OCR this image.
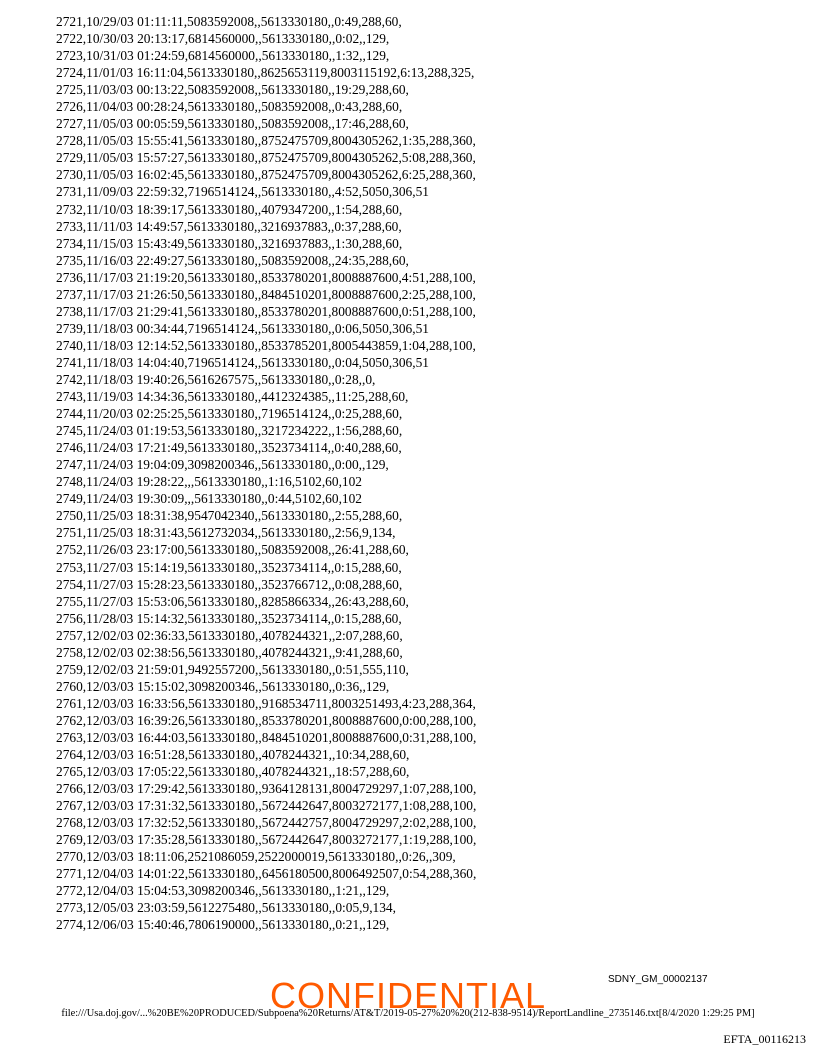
2721,10/29/03 01:11:11,5083592008,,5613330180,,0:49,288,60,
2722,10/30/03 20:13:17,6814560000,,5613330180,,0:02,,129,
2723,10/31/03 01:24:59,6814560000,,5613330180,,1:32,,129,
2724,11/01/03 16:11:04,5613330180,,8625653119,8003115192,6:13,288,325,
2725,11/03/03 00:13:22,5083592008,,5613330180,,19:29,288,60,
2726,11/04/03 00:28:24,5613330180,,5083592008,,0:43,288,60,
2727,11/05/03 00:05:59,5613330180,,5083592008,,17:46,288,60,
2728,11/05/03 15:55:41,5613330180,,8752475709,8004305262,1:35,288,360,
2729,11/05/03 15:57:27,5613330180,,8752475709,8004305262,5:08,288,360,
2730,11/05/03 16:02:45,5613330180,,8752475709,8004305262,6:25,288,360,
2731,11/09/03 22:59:32,7196514124,,5613330180,,4:52,5050,306,51
2732,11/10/03 18:39:17,5613330180,,4079347200,,1:54,288,60,
2733,11/11/03 14:49:57,5613330180,,3216937883,,0:37,288,60,
2734,11/15/03 15:43:49,5613330180,,3216937883,,1:30,288,60,
2735,11/16/03 22:49:27,5613330180,,5083592008,,24:35,288,60,
2736,11/17/03 21:19:20,5613330180,,8533780201,8008887600,4:51,288,100,
2737,11/17/03 21:26:50,5613330180,,8484510201,8008887600,2:25,288,100,
2738,11/17/03 21:29:41,5613330180,,8533780201,8008887600,0:51,288,100,
2739,11/18/03 00:34:44,7196514124,,5613330180,,0:06,5050,306,51
2740,11/18/03 12:14:52,5613330180,,8533785201,8005443859,1:04,288,100,
2741,11/18/03 14:04:40,7196514124,,5613330180,,0:04,5050,306,51
2742,11/18/03 19:40:26,5616267575,,5613330180,,0:28,,0,
2743,11/19/03 14:34:36,5613330180,,4412324385,,11:25,288,60,
2744,11/20/03 02:25:25,5613330180,,7196514124,,0:25,288,60,
2745,11/24/03 01:19:53,5613330180,,3217234222,,1:56,288,60,
2746,11/24/03 17:21:49,5613330180,,3523734114,,0:40,288,60,
2747,11/24/03 19:04:09,3098200346,,5613330180,,0:00,,129,
2748,11/24/03 19:28:22,,,5613330180,,1:16,5102,60,102
2749,11/24/03 19:30:09,,,5613330180,,0:44,5102,60,102
2750,11/25/03 18:31:38,9547042340,,5613330180,,2:55,288,60,
2751,11/25/03 18:31:43,5612732034,,5613330180,,2:56,9,134,
2752,11/26/03 23:17:00,5613330180,,5083592008,,26:41,288,60,
2753,11/27/03 15:14:19,5613330180,,3523734114,,0:15,288,60,
2754,11/27/03 15:28:23,5613330180,,3523766712,,0:08,288,60,
2755,11/27/03 15:53:06,5613330180,,8285866334,,26:43,288,60,
2756,11/28/03 15:14:32,5613330180,,3523734114,,0:15,288,60,
2757,12/02/03 02:36:33,5613330180,,4078244321,,2:07,288,60,
2758,12/02/03 02:38:56,5613330180,,4078244321,,9:41,288,60,
2759,12/02/03 21:59:01,9492557200,,5613330180,,0:51,555,110,
2760,12/03/03 15:15:02,3098200346,,5613330180,,0:36,,129,
2761,12/03/03 16:33:56,5613330180,,9168534711,8003251493,4:23,288,364,
2762,12/03/03 16:39:26,5613330180,,8533780201,8008887600,0:00,288,100,
2763,12/03/03 16:44:03,5613330180,,8484510201,8008887600,0:31,288,100,
2764,12/03/03 16:51:28,5613330180,,4078244321,,10:34,288,60,
2765,12/03/03 17:05:22,5613330180,,4078244321,,18:57,288,60,
2766,12/03/03 17:29:42,5613330180,,9364128131,8004729297,1:07,288,100,
2767,12/03/03 17:31:32,5613330180,,5672442647,8003272177,1:08,288,100,
2768,12/03/03 17:32:52,5613330180,,5672442757,8004729297,2:02,288,100,
2769,12/03/03 17:35:28,5613330180,,5672442647,8003272177,1:19,288,100,
2770,12/03/03 18:11:06,2521086059,2522000019,5613330180,,0:26,,309,
2771,12/04/03 14:01:22,5613330180,,6456180500,8006492507,0:54,288,360,
2772,12/04/03 15:04:53,3098200346,,5613330180,,1:21,,129,
2773,12/05/03 23:03:59,5612275480,,5613330180,,0:05,9,134,
2774,12/06/03 15:40:46,7806190000,,5613330180,,0:21,,129,
SDNY_GM_00002137
CONFIDENTIAL
file:///Usa.doj.gov/...%20BE%20PRODUCED/Subpoena%20Returns/AT&T/2019-05-27%20%20(212-838-9514)/ReportLandline_2735146.txt[8/4/2020 1:29:25 PM]
EFTA_00116213
